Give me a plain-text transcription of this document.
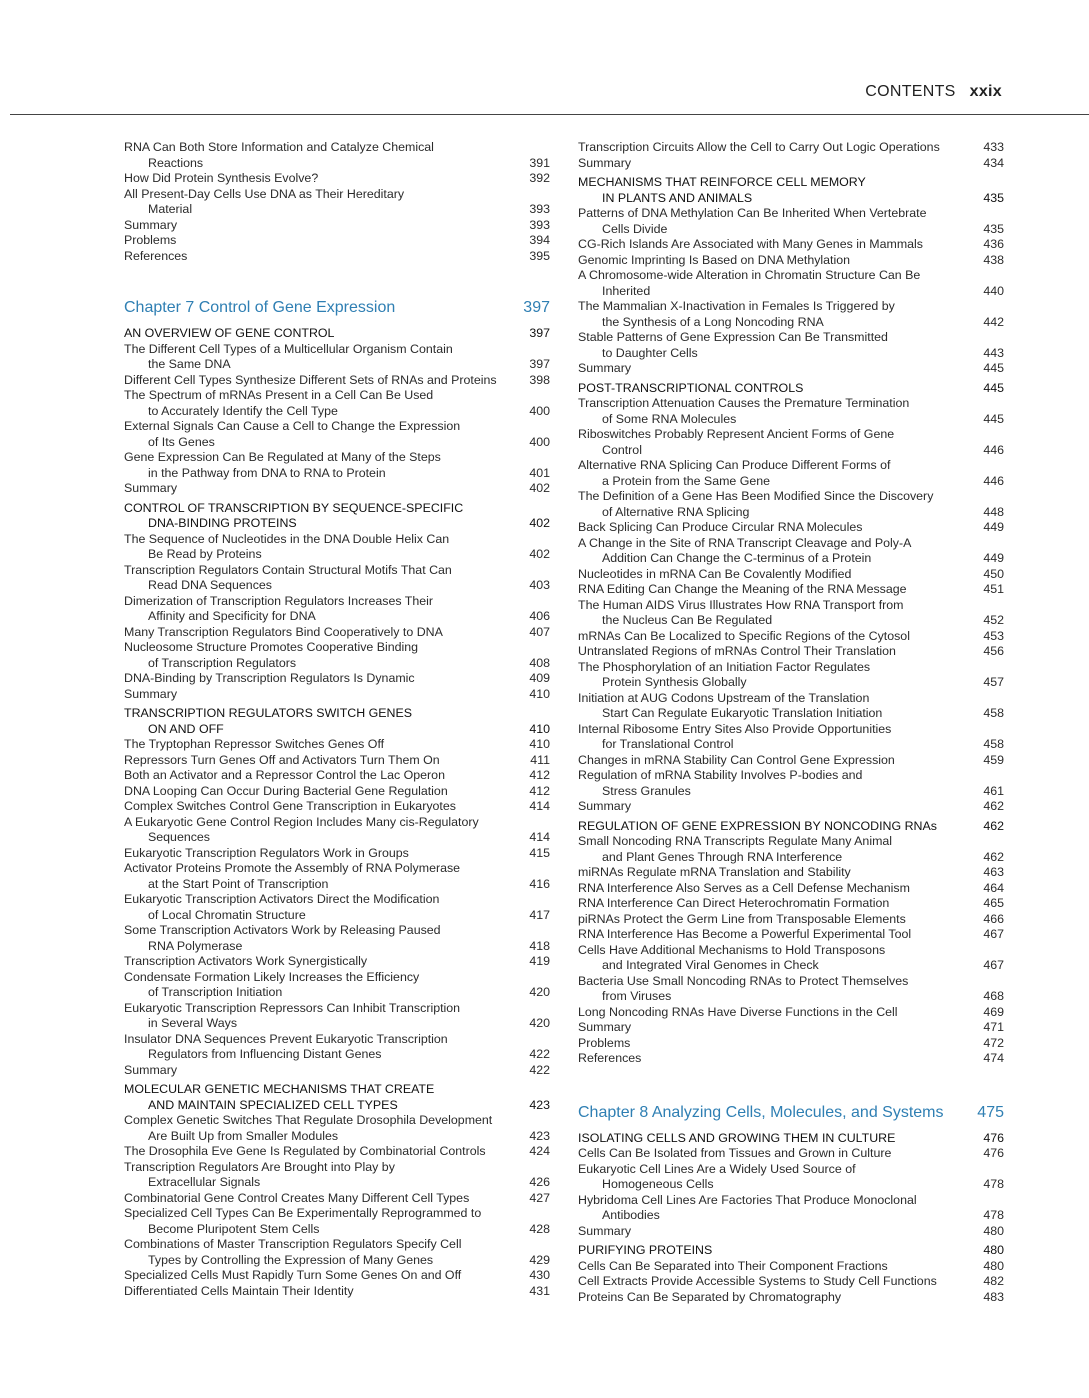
CONTENTS xxix
RNA Can Both Store Information and Catalyze Chemical
Reactions	391
How Did Protein Synthesis Evolve?	392
All Present-Day Cells Use DNA as Their Hereditary
Material	393
Summary	393
Problems	394
References	395
Chapter 7 Control of Gene Expression	397
AN OVERVIEW OF GENE CONTROL	397
The Different Cell Types of a Multicellular Organism Contain
the Same DNA	397
Different Cell Types Synthesize Different Sets of RNAs and Proteins	398
The Spectrum of mRNAs Present in a Cell Can Be Used
to Accurately Identify the Cell Type	400
External Signals Can Cause a Cell to Change the Expression
of Its Genes	400
Gene Expression Can Be Regulated at Many of the Steps
in the Pathway from DNA to RNA to Protein	401
Summary	402
CONTROL OF TRANSCRIPTION BY SEQUENCE-SPECIFIC
DNA-BINDING PROTEINS	402
The Sequence of Nucleotides in the DNA Double Helix Can
Be Read by Proteins	402
Transcription Regulators Contain Structural Motifs That Can
Read DNA Sequences	403
Dimerization of Transcription Regulators Increases Their
Affinity and Specificity for DNA	406
Many Transcription Regulators Bind Cooperatively to DNA	407
Nucleosome Structure Promotes Cooperative Binding
of Transcription Regulators	408
DNA-Binding by Transcription Regulators Is Dynamic	409
Summary	410
TRANSCRIPTION REGULATORS SWITCH GENES
ON AND OFF	410
The Tryptophan Repressor Switches Genes Off	410
Repressors Turn Genes Off and Activators Turn Them On	411
Both an Activator and a Repressor Control the Lac Operon	412
DNA Looping Can Occur During Bacterial Gene Regulation	412
Complex Switches Control Gene Transcription in Eukaryotes	414
A Eukaryotic Gene Control Region Includes Many cis-Regulatory
Sequences	414
Eukaryotic Transcription Regulators Work in Groups	415
Activator Proteins Promote the Assembly of RNA Polymerase
at the Start Point of Transcription	416
Eukaryotic Transcription Activators Direct the Modification
of Local Chromatin Structure	417
Some Transcription Activators Work by Releasing Paused
RNA Polymerase	418
Transcription Activators Work Synergistically	419
Condensate Formation Likely Increases the Efficiency
of Transcription Initiation	420
Eukaryotic Transcription Repressors Can Inhibit Transcription
in Several Ways	420
Insulator DNA Sequences Prevent Eukaryotic Transcription
Regulators from Influencing Distant Genes	422
Summary	422
MOLECULAR GENETIC MECHANISMS THAT CREATE
AND MAINTAIN SPECIALIZED CELL TYPES	423
Complex Genetic Switches That Regulate Drosophila Development
Are Built Up from Smaller Modules	423
The Drosophila Eve Gene Is Regulated by Combinatorial Controls	424
Transcription Regulators Are Brought into Play by
Extracellular Signals	426
Combinatorial Gene Control Creates Many Different Cell Types	427
Specialized Cell Types Can Be Experimentally Reprogrammed to
Become Pluripotent Stem Cells	428
Combinations of Master Transcription Regulators Specify Cell
Types by Controlling the Expression of Many Genes	429
Specialized Cells Must Rapidly Turn Some Genes On and Off	430
Differentiated Cells Maintain Their Identity	431
Transcription Circuits Allow the Cell to Carry Out Logic Operations	433
Summary	434
MECHANISMS THAT REINFORCE CELL MEMORY
IN PLANTS AND ANIMALS	435
Patterns of DNA Methylation Can Be Inherited When Vertebrate
Cells Divide	435
CG-Rich Islands Are Associated with Many Genes in Mammals	436
Genomic Imprinting Is Based on DNA Methylation	438
A Chromosome-wide Alteration in Chromatin Structure Can Be
Inherited	440
The Mammalian X-Inactivation in Females Is Triggered by
the Synthesis of a Long Noncoding RNA	442
Stable Patterns of Gene Expression Can Be Transmitted
to Daughter Cells	443
Summary	445
POST-TRANSCRIPTIONAL CONTROLS	445
Transcription Attenuation Causes the Premature Termination
of Some RNA Molecules	445
Riboswitches Probably Represent Ancient Forms of Gene
Control	446
Alternative RNA Splicing Can Produce Different Forms of
a Protein from the Same Gene	446
The Definition of a Gene Has Been Modified Since the Discovery
of Alternative RNA Splicing	448
Back Splicing Can Produce Circular RNA Molecules	449
A Change in the Site of RNA Transcript Cleavage and Poly-A
Addition Can Change the C-terminus of a Protein	449
Nucleotides in mRNA Can Be Covalently Modified	450
RNA Editing Can Change the Meaning of the RNA Message	451
The Human AIDS Virus Illustrates How RNA Transport from
the Nucleus Can Be Regulated	452
mRNAs Can Be Localized to Specific Regions of the Cytosol	453
Untranslated Regions of mRNAs Control Their Translation	456
The Phosphorylation of an Initiation Factor Regulates
Protein Synthesis Globally	457
Initiation at AUG Codons Upstream of the Translation
Start Can Regulate Eukaryotic Translation Initiation	458
Internal Ribosome Entry Sites Also Provide Opportunities
for Translational Control	458
Changes in mRNA Stability Can Control Gene Expression	459
Regulation of mRNA Stability Involves P-bodies and
Stress Granules	461
Summary	462
REGULATION OF GENE EXPRESSION BY NONCODING RNAs	462
Small Noncoding RNA Transcripts Regulate Many Animal
and Plant Genes Through RNA Interference	462
miRNAs Regulate mRNA Translation and Stability	463
RNA Interference Also Serves as a Cell Defense Mechanism	464
RNA Interference Can Direct Heterochromatin Formation	465
piRNAs Protect the Germ Line from Transposable Elements	466
RNA Interference Has Become a Powerful Experimental Tool	467
Cells Have Additional Mechanisms to Hold Transposons
and Integrated Viral Genomes in Check	467
Bacteria Use Small Noncoding RNAs to Protect Themselves
from Viruses	468
Long Noncoding RNAs Have Diverse Functions in the Cell	469
Summary	471
Problems	472
References	474
Chapter 8 Analyzing Cells, Molecules, and Systems 475
ISOLATING CELLS AND GROWING THEM IN CULTURE	476
Cells Can Be Isolated from Tissues and Grown in Culture	476
Eukaryotic Cell Lines Are a Widely Used Source of
Homogeneous Cells	478
Hybridoma Cell Lines Are Factories That Produce Monoclonal
Antibodies	478
Summary	480
PURIFYING PROTEINS	480
Cells Can Be Separated into Their Component Fractions	480
Cell Extracts Provide Accessible Systems to Study Cell Functions	482
Proteins Can Be Separated by Chromatography	483
